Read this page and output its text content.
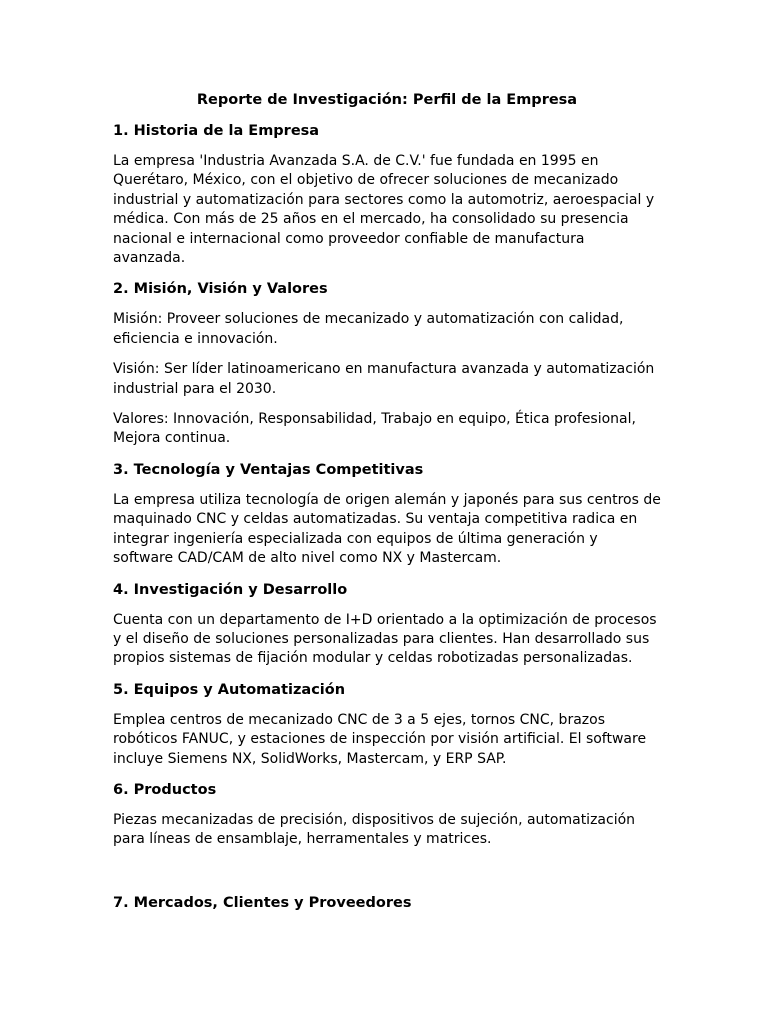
Reporte de Investigación: Perfil de la Empresa
1. Historia de la Empresa

La empresa 'Industria Avanzada S.A. de C.V.' fue fundada en 1995 en Querétaro, México, con el objetivo de ofrecer soluciones de mecanizado industrial y automatización para sectores como la automotriz, aeroespacial y médica. Con más de 25 años en el mercado, ha consolidado su presencia nacional e internacional como proveedor confiable de manufactura avanzada.

2. Misión, Visión y Valores

Misión: Proveer soluciones de mecanizado y automatización con calidad, eficiencia e innovación.

Visión: Ser líder latinoamericano en manufactura avanzada y automatización industrial para el 2030.

Valores: Innovación, Responsabilidad, Trabajo en equipo, Ética profesional, Mejora continua.

3. Tecnología y Ventajas Competitivas

La empresa utiliza tecnología de origen alemán y japonés para sus centros de maquinado CNC y celdas automatizadas. Su ventaja competitiva radica en integrar ingeniería especializada con equipos de última generación y software CAD/CAM de alto nivel como NX y Mastercam.

4. Investigación y Desarrollo

Cuenta con un departamento de I+D orientado a la optimización de procesos y el diseño de soluciones personalizadas para clientes. Han desarrollado sus propios sistemas de fijación modular y celdas robotizadas personalizadas.

5. Equipos y Automatización

Emplea centros de mecanizado CNC de 3 a 5 ejes, tornos CNC, brazos robóticos FANUC, y estaciones de inspección por visión artificial. El software incluye Siemens NX, SolidWorks, Mastercam, y ERP SAP.

6. Productos

Piezas mecanizadas de precisión, dispositivos de sujeción, automatización para líneas de ensamblaje, herramentales y matrices.

7. Mercados, Clientes y Proveedores
